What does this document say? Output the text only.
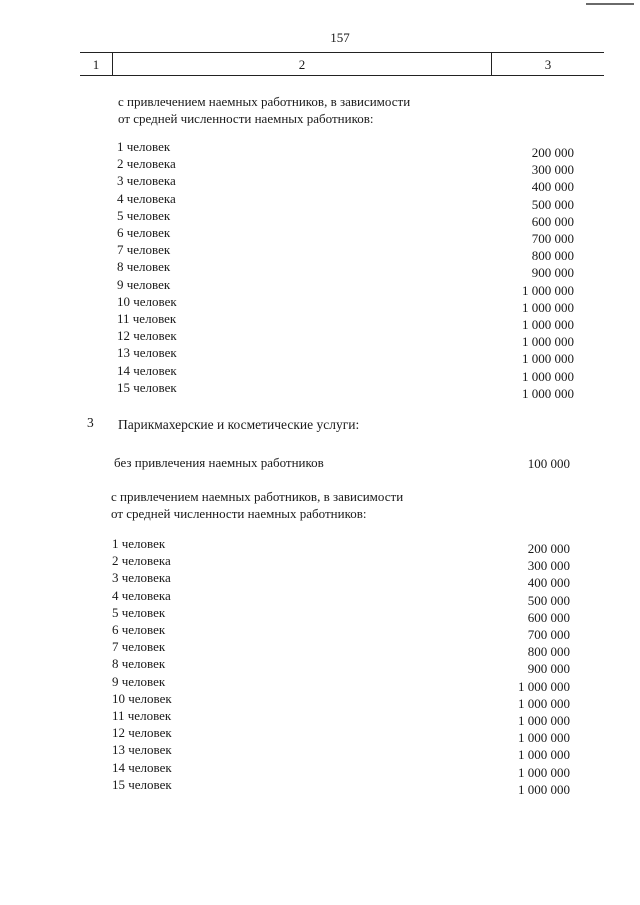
157
1	2	3
с привлечением наемных работников, в зависимости
от средней численности наемных работников:
1 человек	200 000
2 человека	300 000
3 человека	400 000
4 человека	500 000
5 человек	600 000
6 человек	700 000
7 человек	800 000
8 человек	900 000
9 человек	1 000 000
10 человек	1 000 000
11 человек	1 000 000
12 человек	1 000 000
13 человек	1 000 000
14 человек	1 000 000
15 человек	1 000 000
3 Парикмахерские и косметические услуги:
без привлечения наемных работников	100 000
с привлечением наемных работников, в зависимости
от средней численности наемных работников:
1 человек	200 000
2 человека	300 000
3 человека	400 000
4 человека	500 000
5 человек	600 000
6 человек	700 000
7 человек	800 000
8 человек	900 000
9 человек	1 000 000
10 человек	1 000 000
11 человек	1 000 000
12 человек	1 000 000
13 человек	1 000 000
14 человек	1 000 000
15 человек	1 000 000
